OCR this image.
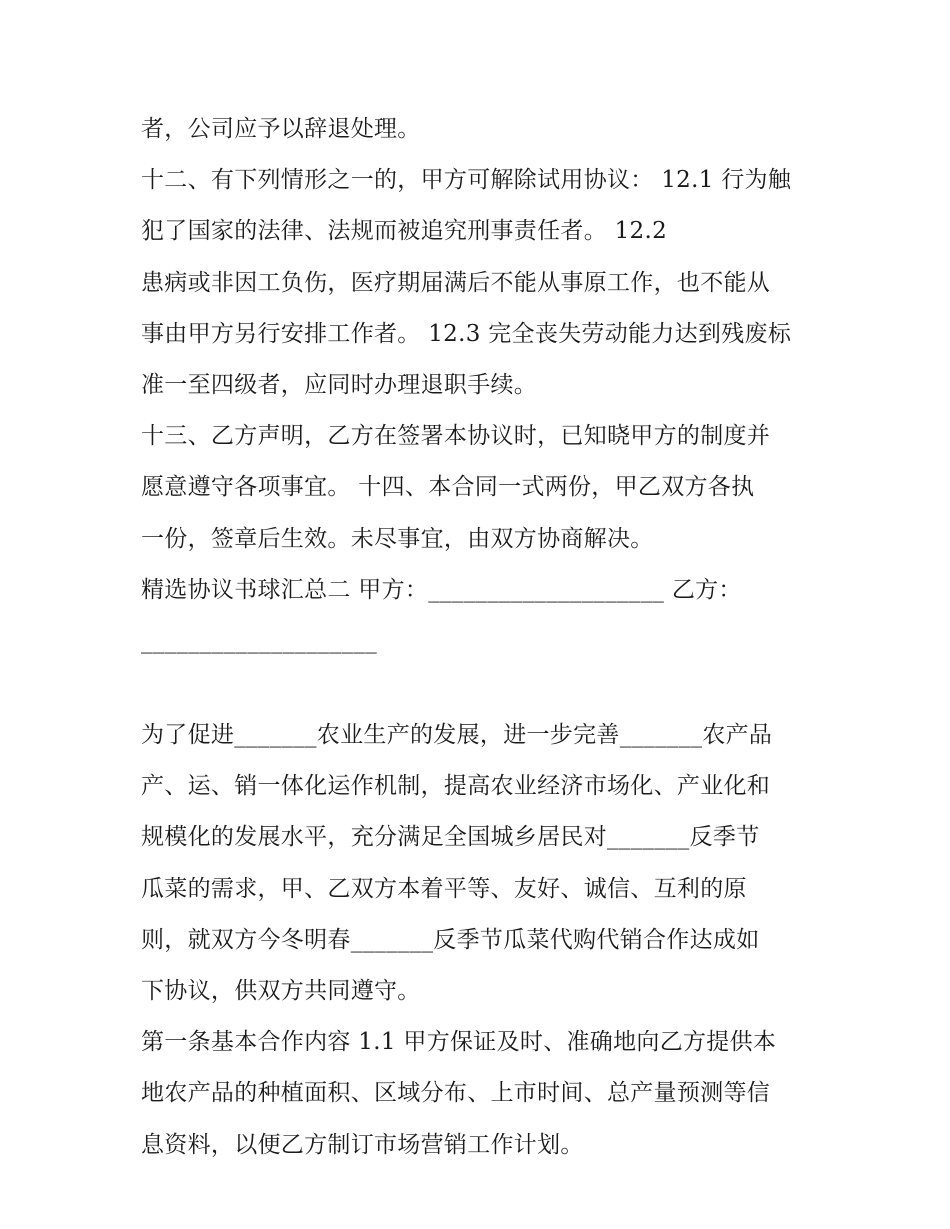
者，公司应予以辞退处理。
十二、有下列情形之一的，甲方可解除试用协议： 12.1 行为触
犯了国家的法律、法规而被追究刑事责任者。 12.2
患病或非因工负伤，医疗期届满后不能从事原工作，也不能从
事由甲方另行安排工作者。 12.3 完全丧失劳动能力达到残废标
准一至四级者，应同时办理退职手续。
十三、乙方声明，乙方在签署本协议时，已知晓甲方的制度并
愿意遵守各项事宜。 十四、本合同一式两份，甲乙双方各执
一份，签章后生效。未尽事宜，由双方协商解决。
精选协议书球汇总二 甲方：____________________ 乙方：
____________________
为了促进_______农业生产的发展，进一步完善_______农产品
产、运、销一体化运作机制，提高农业经济市场化、产业化和
规模化的发展水平，充分满足全国城乡居民对_______反季节
瓜菜的需求，甲、乙双方本着平等、友好、诚信、互利的原
则，就双方今冬明春_______反季节瓜菜代购代销合作达成如
下协议，供双方共同遵守。
第一条基本合作内容 1.1 甲方保证及时、准确地向乙方提供本
地农产品的种植面积、区域分布、上市时间、总产量预测等信
息资料，以便乙方制订市场营销工作计划。
